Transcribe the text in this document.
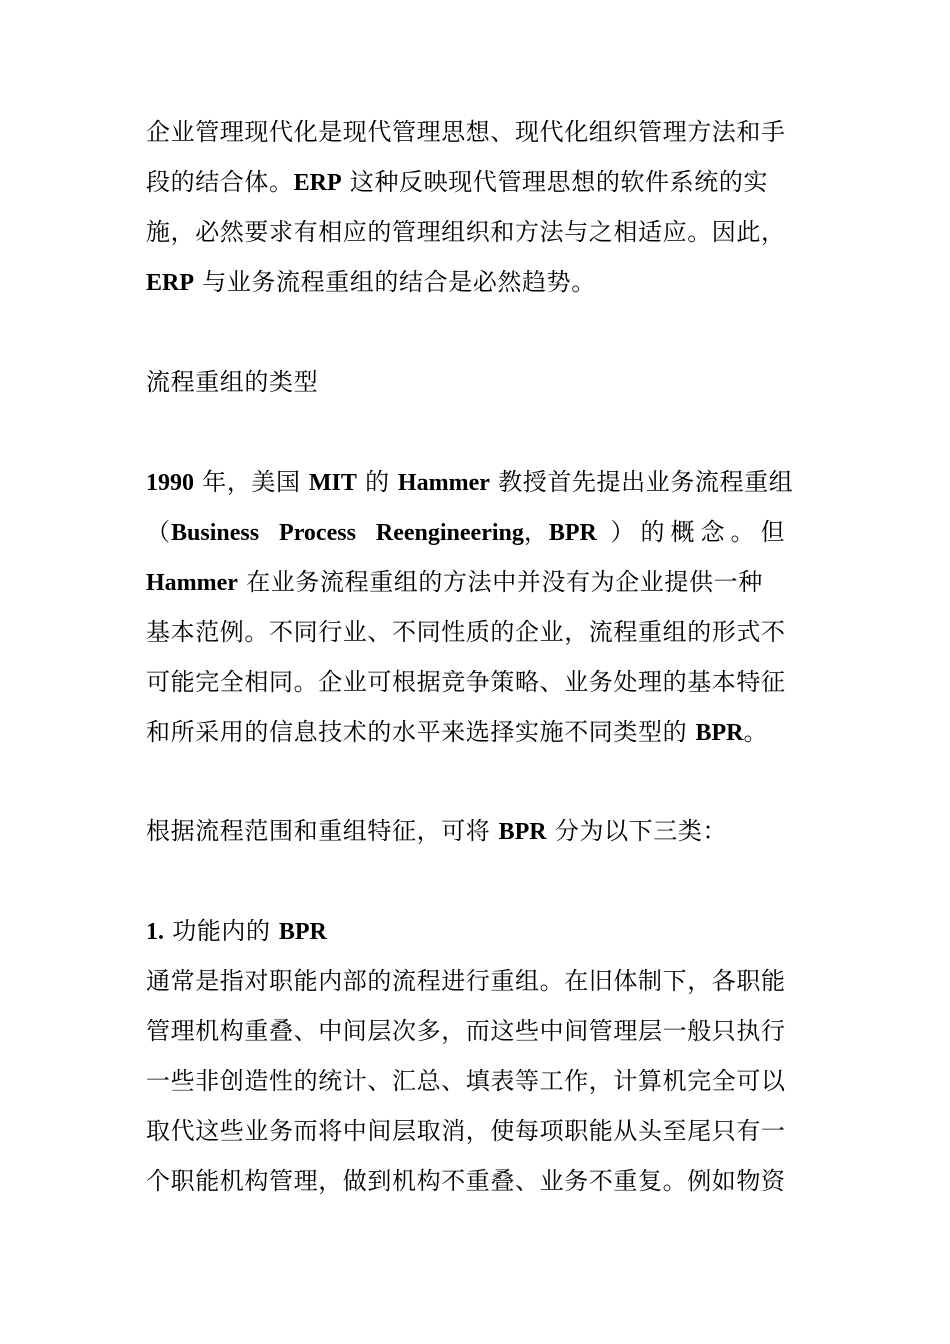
企业管理现代化是现代管理思想、现代化组织管理方法和手
段的结合体。ERP 这种反映现代管理思想的软件系统的实
施，必然要求有相应的管理组织和方法与之相适应。因此，
ERP 与业务流程重组的结合是必然趋势。
流程重组的类型
1990 年，美国 MIT 的 Hammer 教授首先提出业务流程重组
（Business Process Reengineering，BPR ）的概念。但
Hammer 在业务流程重组的方法中并没有为企业提供一种
基本范例。不同行业、不同性质的企业，流程重组的形式不
可能完全相同。企业可根据竞争策略、业务处理的基本特征
和所采用的信息技术的水平来选择实施不同类型的 BPR。
根据流程范围和重组特征，可将 BPR 分为以下三类：
1. 功能内的 BPR
通常是指对职能内部的流程进行重组。在旧体制下，各职能
管理机构重叠、中间层次多，而这些中间管理层一般只执行
一些非创造性的统计、汇总、填表等工作，计算机完全可以
取代这些业务而将中间层取消，使每项职能从头至尾只有一
个职能机构管理，做到机构不重叠、业务不重复。例如物资
